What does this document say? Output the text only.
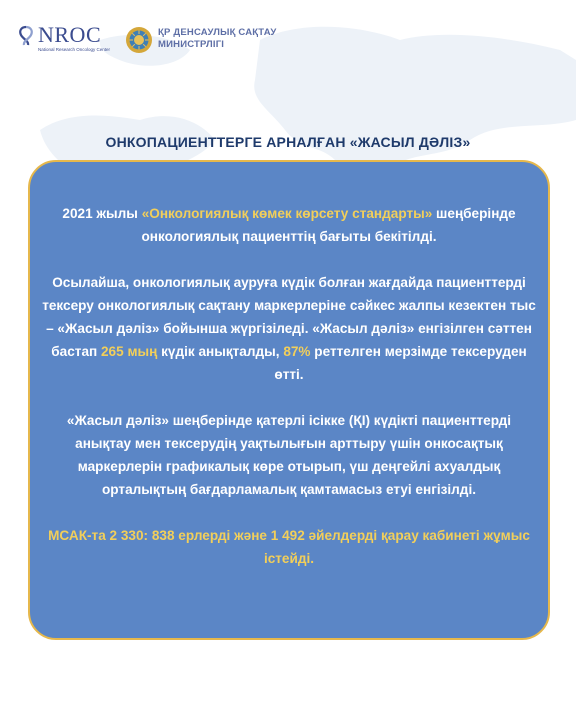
NROC
National Research Oncology Center
ҚР ДЕНСАУЛЫҚ САҚТАУ
МИНИСТРЛІГІ
ОНКОПАЦИЕНТТЕРГЕ АРНАЛҒАН «ЖАСЫЛ ДӘЛІЗ»

2021 жылы «Онкологиялық көмек көрсету стандарты» шеңберінде онкологиялық пациенттің бағыты бекітілді.

Осылайша, онкологиялық ауруға күдік болған жағдайда пациенттерді тексеру онкологиялық сақтану маркерлеріне сәйкес жалпы кезектен тыс – «Жасыл дәліз» бойынша жүргізіледі. «Жасыл дәліз» енгізілген сәттен бастап 265 мың күдік анықталды, 87% реттелген мерзімде тексеруден өтті.

«Жасыл дәліз» шеңберінде қатерлі ісікке (ҚІ) күдікті пациенттерді анықтау мен тексерудің уақтылығын арттыру үшін онкосақтық маркерлерін графикалық көре отырып, үш деңгейлі ахуалдық орталықтың бағдарламалық қамтамасыз етуі енгізілді.

МСАК-та 2 330: 838 ерлерді және 1 492 әйелдерді қарау кабинеті жұмыс істейді.
